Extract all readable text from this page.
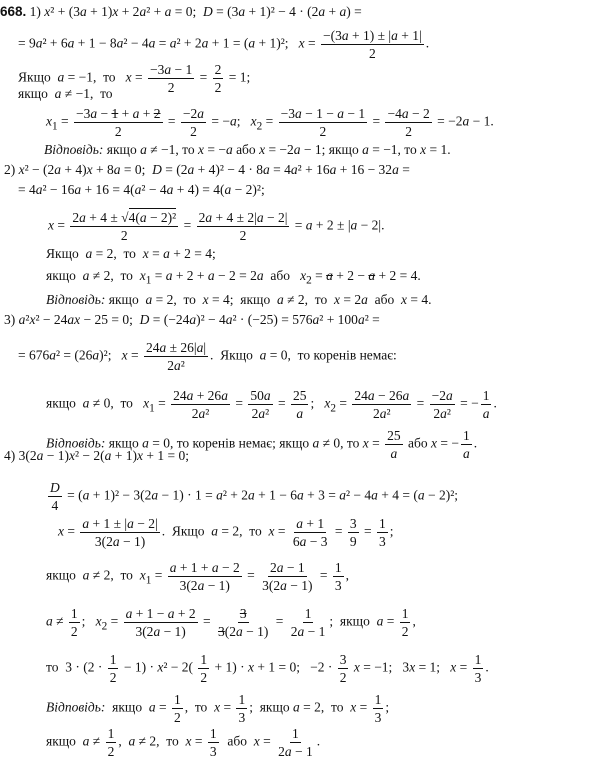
668. 1) x² + (3a + 1)x + 2a² + a = 0;  D = (3a + 1)² − 4 · (2a + a) =
= 9a² + 6a + 1 − 8a² − 4a = a² + 2a + 1 = (a + 1)²;   $x = \frac{-(3a + 1) \pm |a + 1|}{2}$ .
Якщо  a = −1,  то   $x = \frac{-3a - 1}{2} = \frac{2}{2} = 1$;
якщо  a ≠ −1,  то
$x_1 = \frac{-3a - 1 + a + 2}{2} = \frac{-2a}{2} = -a$;   $x_2 = \frac{-3a - 1 - a - 1}{2} = \frac{-4a - 2}{2} = -2a - 1$.
Відповідь: якщо a ≠ −1, то x = −a або x = −2a − 1; якщо a = −1, то x = 1.
2) x² − (2a + 4)x + 8a = 0;  D = (2a + 4)² − 4 · 8a = 4a² + 16a + 16 − 32a =
= 4a² − 16a + 16 = 4(a² − 4a + 4) = 4(a − 2)²;
$x = \frac{\text{2a + 4 ± √4(a − 2)²}}{2} = \frac{2a + 4 \pm 2|a - 2|}{2} = a + 2 \pm |a - 2|$.
Якщо  a = 2,  то  x = a + 2 = 4;
якщо  a ≠ 2,  то  $x_1 = a + 2 + a - 2 = 2a$  або   $x_2 = a + 2 - a + 2 = 4$.
Відповідь: якщо  a = 2,  то  x = 4;  якщо  a ≠ 2,  то  x = 2a  або  x = 4.
3) a²x² − 24ax − 25 = 0;  D = (−24a)² − 4a² · (−25) = 576a² + 100a² =
= 676a² = (26a)²;   $x = \frac{24a \pm 26|a|}{\text{2a²}}$ .  Якщо  a = 0,  то коренів немає:
якщо  a ≠ 0,  то   $x_1 = \frac{24a + 26a}{\text{2a²}} = \frac{50a}{\text{2a²}} = \frac{25}{a}$ ;   $x_2 = \frac{24a - 26a}{\text{2a²}} = \frac{-2a}{\text{2a²}}$ = − $\frac{1}{a}$ .
Відповідь: якщо a = 0, то коренів немає; якщо a ≠ 0, то $x = \frac{25}{a}$ або x = − $\frac{1}{a}$ .
4) 3(2a − 1)x² − 2(a + 1)x + 1 = 0;
$\frac{D}{4} = (a + 1)^2 - 3(2a - 1) \cdot 1 = a^2 + 2a + 1 - 6a + 3 = a^2 - 4a + 4 = (a - 2)^2$;
$x = \frac{a + 1 \pm |a - 2|}{3(2a - 1)}$ .  Якщо  a = 2,  то  $x = \frac{a + 1}{6a - 3} = \frac{3}{9} = \frac{1}{3}$ ;
якщо  a ≠ 2,  то  $x_1 = \frac{a + 1 + a - 2}{3(2a - 1)} = \frac{2a - 1}{3(2a - 1)} = \frac{1}{3}$ ,
$a \ne \frac{1}{2}$ ;   $x_2 = \frac{a + 1 - a + 2}{3(2a - 1)} = \frac{3}{3(2a - 1)} = \frac{1}{2a - 1}$ ;  якщо  $a = \frac{1}{2}$ ,
то  $3 \cdot (2 \cdot \frac{1}{2} - 1) \cdot x^2 - 2( \frac{1}{2} + 1) \cdot x + 1 = 0$;   $-2 \cdot \frac{3}{2}$ x = −1;   3x = 1;   $x = \frac{1}{3}$ .
Відповідь:  якщо  $a = \frac{1}{2}$ ,  то  $x = \frac{1}{3}$ ;  якщо a = 2,  то  $x = \frac{1}{3}$ ;
якщо  $a \ne \frac{1}{2}$ ,  a ≠ 2,  то  $x = \frac{1}{3}$ або  $x = \frac{1}{2a - 1}$ .
